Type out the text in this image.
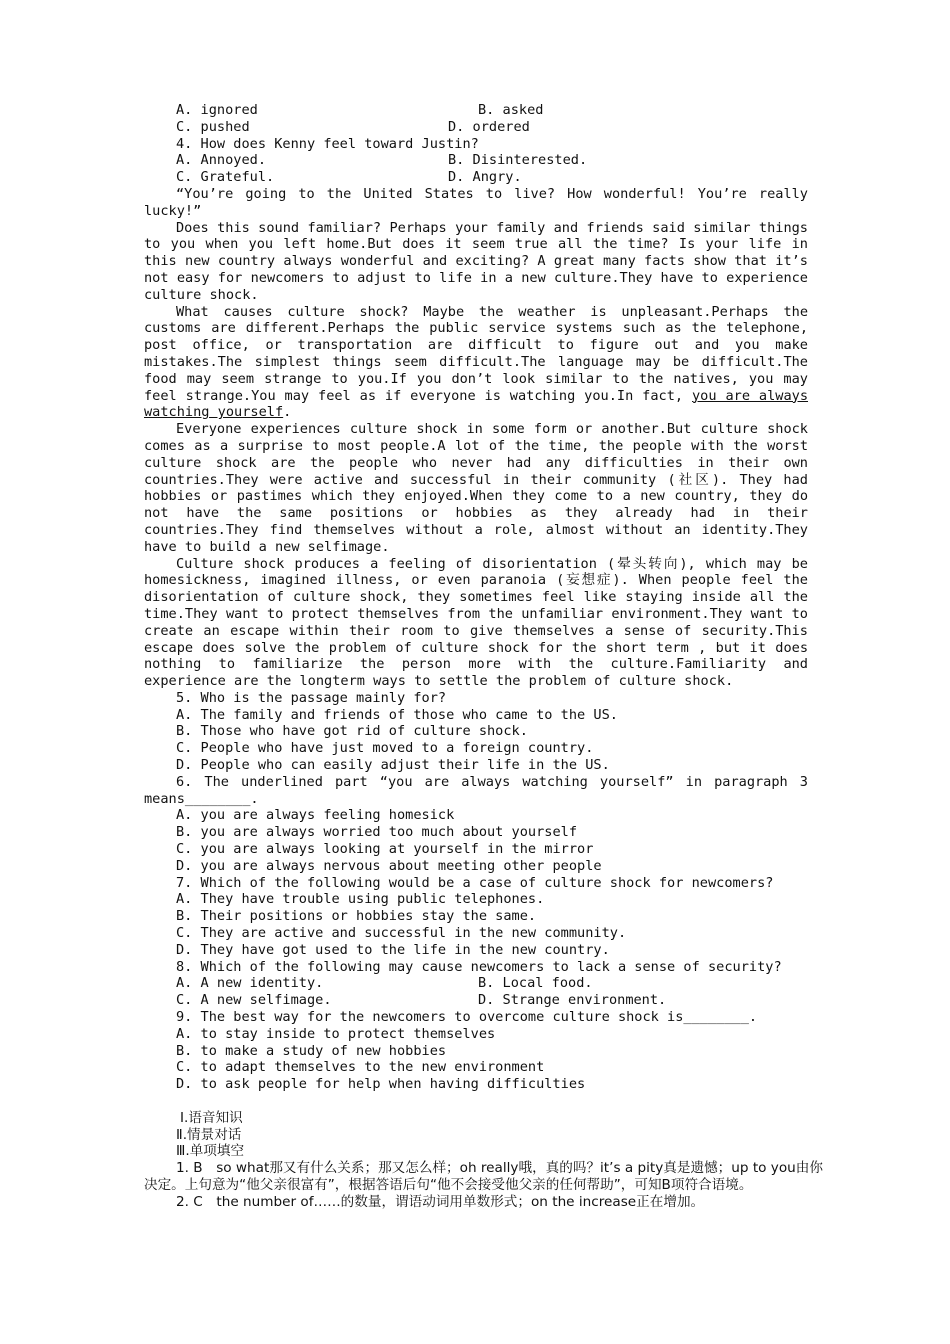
A. ignored	B. asked
C. pushed	D. ordered
4. How does Kenny feel toward Justin?
A. Annoyed.	B. Disinterested.
C. Grateful.	D. Angry.

“You’re going to the United States to live? How wonderful! You’re really lucky!”

Does this sound familiar? Perhaps your family and friends said similar things to you when you left home.But does it seem true all the time? Is your life in this new country always wonderful and exciting? A great many facts show that it’s not easy for newcomers to adjust to life in a new culture.They have to experience culture shock.

What causes culture shock? Maybe the weather is unpleasant.Perhaps the customs are different.Perhaps the public service systems such as the telephone, post office, or transportation are difficult to figure out and you make mistakes.The simplest things seem difficult.The language may be difficult.The food may seem strange to you.If you don’t look similar to the natives, you may feel strange.You may feel as if everyone is watching you.In fact, you are always watching yourself.

Everyone experiences culture shock in some form or another.But culture shock comes as a surprise to most people.A lot of the time, the people with the worst culture shock are the people who never had any difficulties in their own countries.They were active and successful in their community (社区). They had hobbies or pastimes which they enjoyed.When they come to a new country, they do not have the same positions or hobbies as they already had in their countries.They find themselves without a role, almost without an identity.They have to build a new selfimage.

Culture shock produces a feeling of disorientation (晕头转向), which may be homesickness, imagined illness, or even paranoia (妄想症). When people feel the disorientation of culture shock, they sometimes feel like staying inside all the time.They want to protect themselves from the unfamiliar environment.They want to create an escape within their room to give themselves a sense of security.This escape does solve the problem of culture shock for the short term , but it does nothing to familiarize the person more with the culture.Familiarity and experience are the longterm ways to settle the problem of culture shock.

5. Who is the passage mainly for?
A. The family and friends of those who came to the US.
B. Those who have got rid of culture shock.
C. People who have just moved to a foreign country.
D. People who can easily adjust their life in the US.

6. The underlined part “you are always watching yourself” in paragraph 3 means________.

A. you are always feeling homesick
B. you are always worried too much about yourself
C. you are always looking at yourself in the mirror
D. you are always nervous about meeting other people
7. Which of the following would be a case of culture shock for newcomers?
A. They have trouble using public telephones.
B. Their positions or hobbies stay the same.
C. They are active and successful in the new community.
D. They have got used to the life in the new country.
8. Which of the following may cause newcomers to lack a sense of security?
A. A new identity.	B. Local food.
C. A new selfimage.	D. Strange environment.
9. The best way for the newcomers to overcome culture shock is________.
A. to stay inside to protect themselves
B. to make a study of new hobbies
C. to adapt themselves to the new environment
D. to ask people for help when having difficulties
Ⅰ.语音知识
Ⅱ.情景对话
Ⅲ.单项填空

1. B　so what那又有什么关系；那又怎么样；oh really哦，真的吗？it’s a pity真是遗憾；up to you由你决定。上句意为“他父亲很富有”，根据答语后句“他不会接受他父亲的任何帮助”，可知B项符合语境。

2. C　the number of……的数量，谓语动词用单数形式；on the increase正在增加。
